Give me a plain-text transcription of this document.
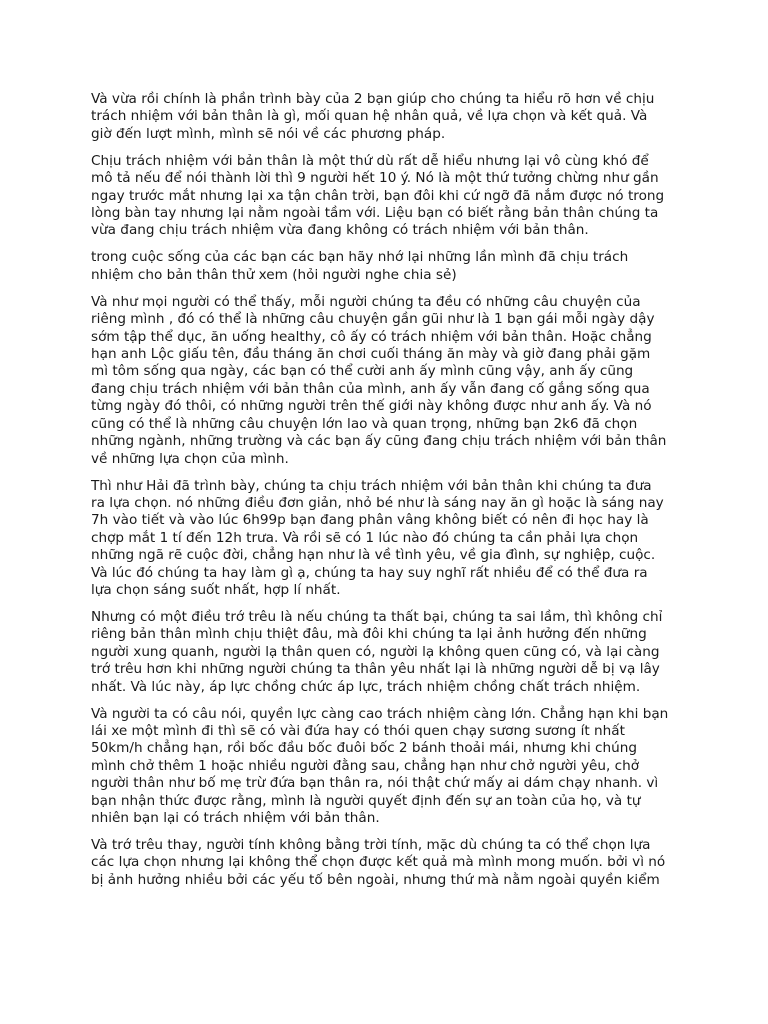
Và vừa rồi chính là phần trình bày của 2 bạn giúp cho chúng ta hiểu rõ hơn về chịu
trách nhiệm với bản thân là gì, mối quan hệ nhân quả, về lựa chọn và kết quả. Và
giờ đến lượt mình, mình sẽ nói về các phương pháp.

Chịu trách nhiệm với bản thân là một thứ dù rất dễ hiểu nhưng lại vô cùng khó để
mô tả nếu để nói thành lời thì 9 người hết 10 ý. Nó là một thứ tưởng chừng như gần
ngay trước mắt nhưng lại xa tận chân trời, bạn đôi khi cứ ngỡ đã nắm được nó trong
lòng bàn tay nhưng lại nằm ngoài tầm với. Liệu bạn có biết rằng bản thân chúng ta
vừa đang chịu trách nhiệm vừa đang không có trách nhiệm với bản thân.

trong cuộc sống của các bạn các bạn hãy nhớ lại những lần mình đã chịu trách
nhiệm cho bản thân thử xem (hỏi người nghe chia sẻ)

Và như mọi người có thể thấy, mỗi người chúng ta đều có những câu chuyện của
riêng mình , đó có thể là những câu chuyện gần gũi như là 1 bạn gái mỗi ngày dậy
sớm tập thể dục, ăn uống healthy, cô ấy có trách nhiệm với bản thân. Hoặc chẳng
hạn anh Lộc giấu tên, đầu tháng ăn chơi cuối tháng ăn mày và giờ đang phải gặm
mì tôm sống qua ngày, các bạn có thể cười anh ấy mình cũng vậy, anh ấy cũng
đang chịu trách nhiệm với bản thân của mình, anh ấy vẫn đang cố gắng sống qua
từng ngày đó thôi, có những người trên thế giới này không được như anh ấy. Và nó
cũng có thể là những câu chuyện lớn lao và quan trọng, những bạn 2k6 đã chọn
những ngành, những trường và các bạn ấy cũng đang chịu trách nhiệm với bản thân
về những lựa chọn của mình.

Thì như Hải đã trình bày, chúng ta chịu trách nhiệm với bản thân khi chúng ta đưa
ra lựa chọn. nó những điều đơn giản, nhỏ bé như là sáng nay ăn gì hoặc là sáng nay
7h vào tiết và vào lúc 6h99p bạn đang phân vâng không biết có nên đi học hay là
chợp mắt 1 tí đến 12h trưa. Và rồi sẽ có 1 lúc nào đó chúng ta cần phải lựa chọn
những ngã rẽ cuộc đời, chẳng hạn như là về tình yêu, về gia đình, sự nghiệp, cuộc.
Và lúc đó chúng ta hay làm gì ạ, chúng ta hay suy nghĩ rất nhiều để có thể đưa ra
lựa chọn sáng suốt nhất, hợp lí nhất.

Nhưng có một điều trớ trêu là nếu chúng ta thất bại, chúng ta sai lầm, thì không chỉ
riêng bản thân mình chịu thiệt đâu, mà đôi khi chúng ta lại ảnh hưởng đến những
người xung quanh, người lạ thân quen có, người lạ không quen cũng có, và lại càng
trớ trêu hơn khi những người chúng ta thân yêu nhất lại là những người dễ bị vạ lây
nhất. Và lúc này, áp lực chồng chức áp lực, trách nhiệm chồng chất trách nhiệm.

Và người ta có câu nói, quyền lực càng cao trách nhiệm càng lớn. Chẳng hạn khi bạn
lái xe một mình đi thì sẽ có vài đứa hay có thói quen chạy sương sương ít nhất
50km/h chẳng hạn, rồi bốc đầu bốc đuôi bốc 2 bánh thoải mái, nhưng khi chúng
mình chở thêm 1 hoặc nhiều người đằng sau, chẳng hạn như chở người yêu, chở
người thân như bố mẹ trừ đứa bạn thân ra, nói thật chứ mấy ai dám chạy nhanh. vì
bạn nhận thức được rằng, mình là người quyết định đến sự an toàn của họ, và tự
nhiên bạn lại có trách nhiệm với bản thân.

Và trớ trêu thay, người tính không bằng trời tính, mặc dù chúng ta có thể chọn lựa
các lựa chọn nhưng lại không thể chọn được kết quả mà mình mong muốn. bởi vì nó
bị ảnh hưởng nhiều bởi các yếu tố bên ngoài, nhưng thứ mà nằm ngoài quyền kiểm
